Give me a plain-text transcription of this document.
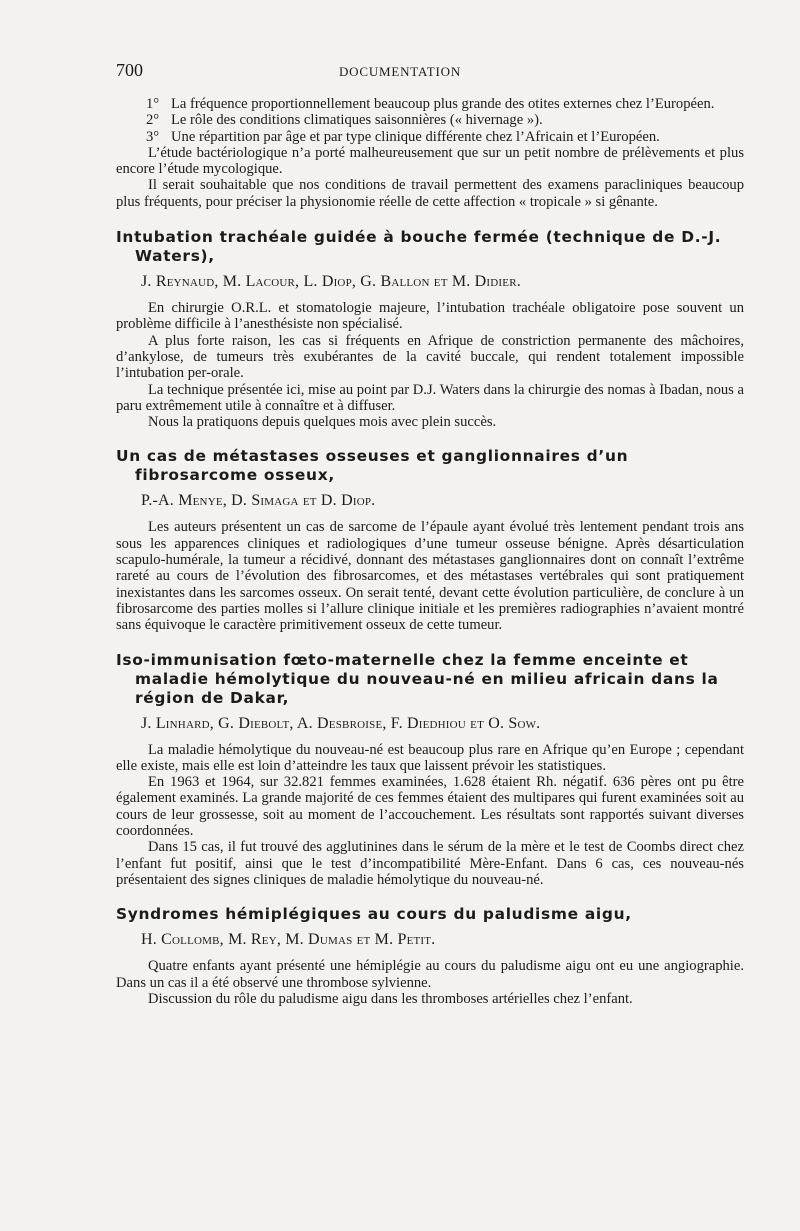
700	DOCUMENTATION

1° La fréquence proportionnellement beaucoup plus grande des otites externes chez l’Européen.

2° Le rôle des conditions climatiques saisonnières (« hivernage »).

3° Une répartition par âge et par type clinique différente chez l’Africain et l’Européen.

L’étude bactériologique n’a porté malheureusement que sur un petit nombre de prélèvements et plus encore l’étude mycologique.

Il serait souhaitable que nos conditions de travail permettent des examens paracliniques beaucoup plus fréquents, pour préciser la physionomie réelle de cette affection « tropicale » si gênante.

Intubation trachéale guidée à bouche fermée (technique de D.-J. Waters),
J. Reynaud, M. Lacour, L. Diop, G. Ballon et M. Didier.

En chirurgie O.R.L. et stomatologie majeure, l’intubation trachéale obligatoire pose souvent un problème difficile à l’anesthésiste non spécialisé.

A plus forte raison, les cas si fréquents en Afrique de constriction permanente des mâchoires, d’ankylose, de tumeurs très exubérantes de la cavité buccale, qui rendent totalement impossible l’intubation per-orale.

La technique présentée ici, mise au point par D.J. Waters dans la chirurgie des nomas à Ibadan, nous a paru extrêmement utile à connaître et à diffuser.

Nous la pratiquons depuis quelques mois avec plein succès.

Un cas de métastases osseuses et ganglionnaires d’un fibrosarcome osseux,
P.-A. Menye, D. Simaga et D. Diop.

Les auteurs présentent un cas de sarcome de l’épaule ayant évolué très lentement pendant trois ans sous les apparences cliniques et radiologiques d’une tumeur osseuse bénigne. Après désarticulation scapulo-humérale, la tumeur a récidivé, donnant des métastases ganglionnaires dont on connaît l’extrême rareté au cours de l’évolution des fibrosarcomes, et des métastases vertébrales qui sont pratiquement inexistantes dans les sarcomes osseux. On serait tenté, devant cette évolution particulière, de conclure à un fibrosarcome des parties molles si l’allure clinique initiale et les premières radiographies n’avaient montré sans équivoque le caractère primitivement osseux de cette tumeur.

Iso-immunisation fœto-maternelle chez la femme enceinte et maladie hémolytique du nouveau-né en milieu africain dans la région de Dakar,
J. Linhard, G. Diebolt, A. Desbroise, F. Diedhiou et O. Sow.

La maladie hémolytique du nouveau-né est beaucoup plus rare en Afrique qu’en Europe ; cependant elle existe, mais elle est loin d’atteindre les taux que laissent prévoir les statistiques.

En 1963 et 1964, sur 32.821 femmes examinées, 1.628 étaient Rh. négatif. 636 pères ont pu être également examinés. La grande majorité de ces femmes étaient des multipares qui furent examinées soit au cours de leur grossesse, soit au moment de l’accouchement. Les résultats sont rapportés suivant diverses coordonnées.

Dans 15 cas, il fut trouvé des agglutinines dans le sérum de la mère et le test de Coombs direct chez l’enfant fut positif, ainsi que le test d’incompatibilité Mère-Enfant. Dans 6 cas, ces nouveau-nés présentaient des signes cliniques de maladie hémolytique du nouveau-né.

Syndromes hémiplégiques au cours du paludisme aigu,
H. Collomb, M. Rey, M. Dumas et M. Petit.

Quatre enfants ayant présenté une hémiplégie au cours du paludisme aigu ont eu une angiographie. Dans un cas il a été observé une thrombose sylvienne.

Discussion du rôle du paludisme aigu dans les thromboses artérielles chez l’enfant.
